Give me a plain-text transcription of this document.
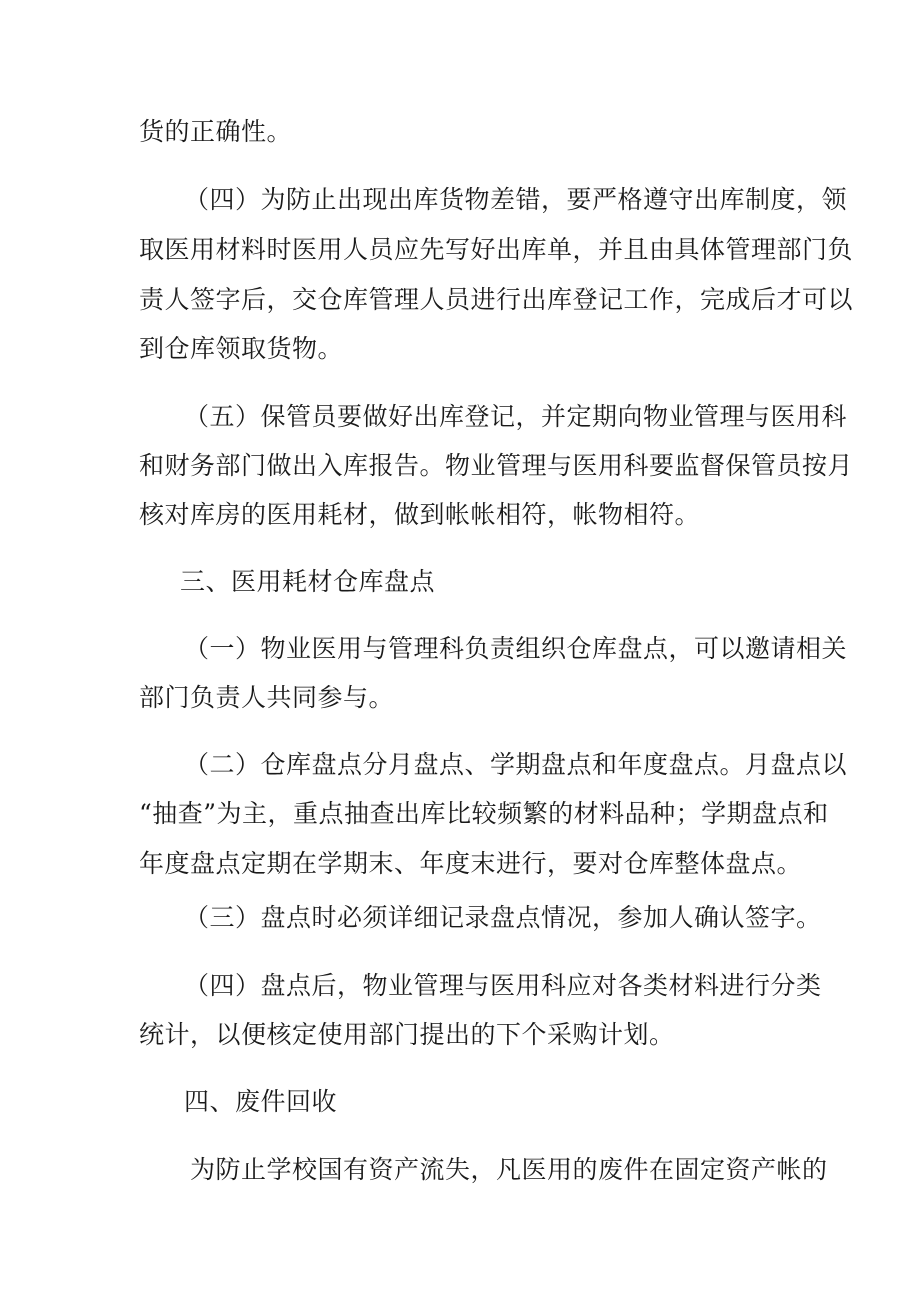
货的正确性。
（四）为防止出现出库货物差错，要严格遵守出库制度，领
取医用材料时医用人员应先写好出库单，并且由具体管理部门负
责人签字后，交仓库管理人员进行出库登记工作，完成后才可以
到仓库领取货物。
（五）保管员要做好出库登记，并定期向物业管理与医用科
和财务部门做出入库报告。物业管理与医用科要监督保管员按月
核对库房的医用耗材，做到帐帐相符，帐物相符。
三、医用耗材仓库盘点
（一）物业医用与管理科负责组织仓库盘点，可以邀请相关
部门负责人共同参与。
（二）仓库盘点分月盘点、学期盘点和年度盘点。月盘点以
“抽查”为主，重点抽查出库比较频繁的材料品种；学期盘点和
年度盘点定期在学期末、年度末进行，要对仓库整体盘点。
（三）盘点时必须详细记录盘点情况，参加人确认签字。
（四）盘点后，物业管理与医用科应对各类材料进行分类
统计，以便核定使用部门提出的下个采购计划。
四、废件回收
为防止学校国有资产流失，凡医用的废件在固定资产帐的
